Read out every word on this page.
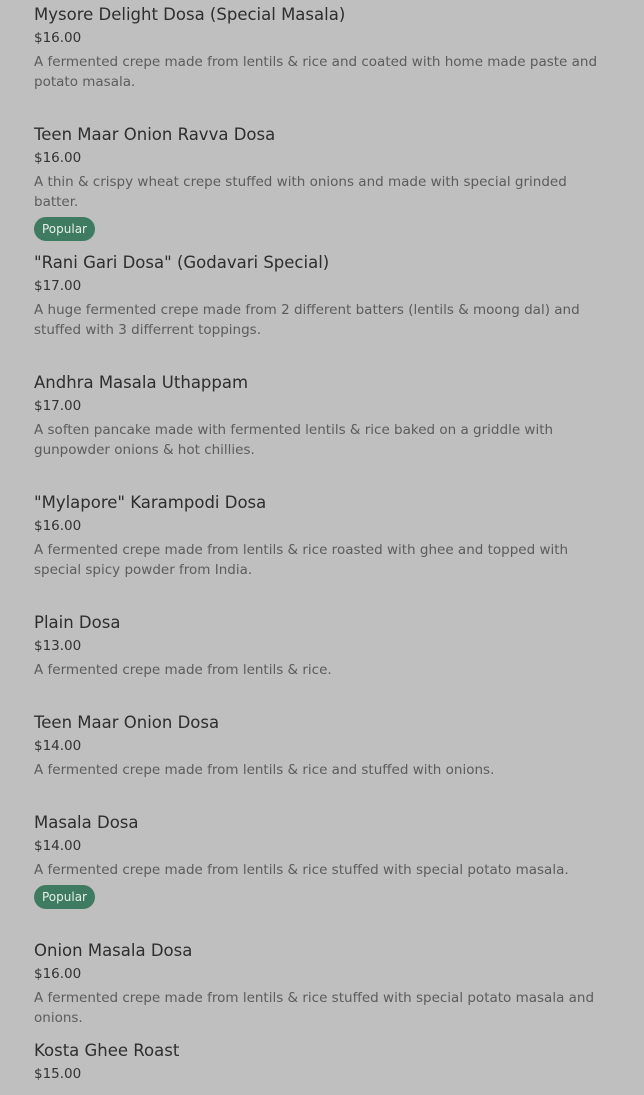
Mysore Delight Dosa (Special Masala)
$16.00
A fermented crepe made from lentils & rice and coated with home made paste and potato masala.
Teen Maar Onion Ravva Dosa
$16.00
A thin & crispy wheat crepe stuffed with onions and made with special grinded batter.
Popular
"Rani Gari Dosa" (Godavari Special)
$17.00
A huge fermented crepe made from 2 different batters (lentils & moong dal) and stuffed with 3 differrent toppings.
Andhra Masala Uthappam
$17.00
A soften pancake made with fermented lentils & rice baked on a griddle with gunpowder onions & hot chillies.
"Mylapore" Karampodi Dosa
$16.00
A fermented crepe made from lentils & rice roasted with ghee and topped with special spicy powder from India.
Plain Dosa
$13.00
A fermented crepe made from lentils & rice.
Teen Maar Onion Dosa
$14.00
A fermented crepe made from lentils & rice and stuffed with onions.
Masala Dosa
$14.00
A fermented crepe made from lentils & rice stuffed with special potato masala.
Popular
Onion Masala Dosa
$16.00
A fermented crepe made from lentils & rice stuffed with special potato masala and onions.
Kosta Ghee Roast
$15.00
